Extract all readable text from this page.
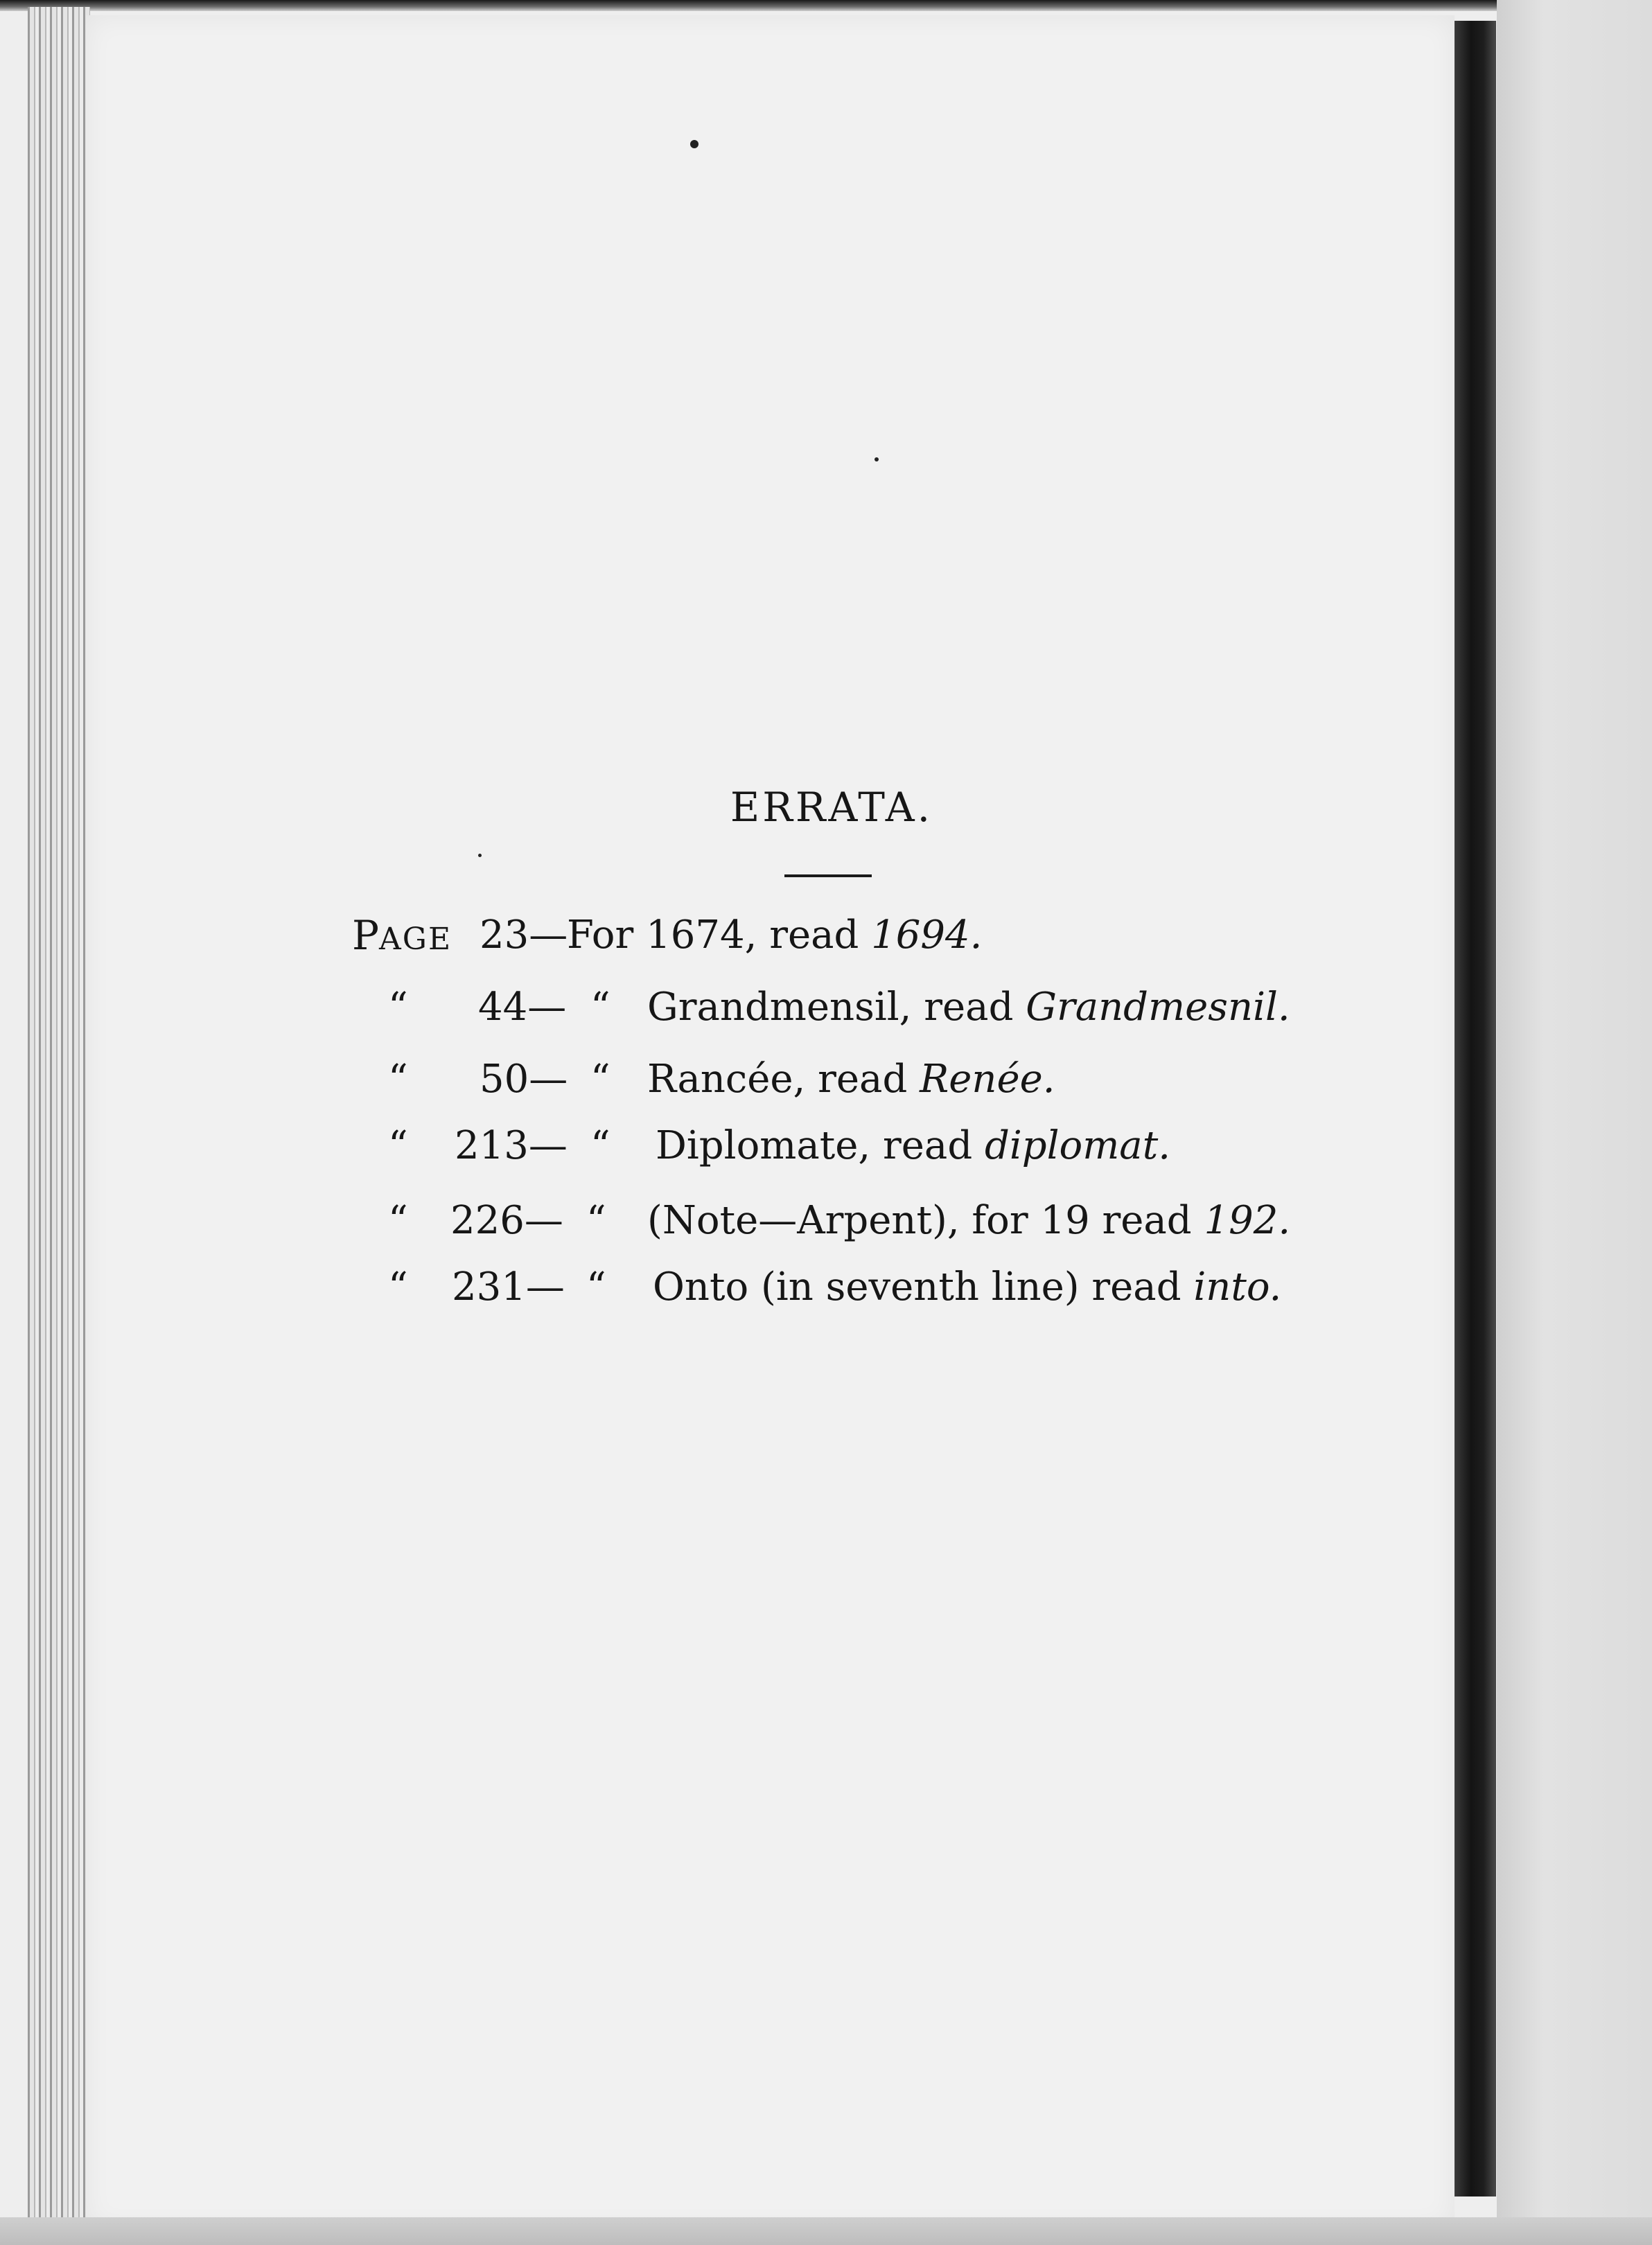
ERRATA.
PAGE 23—
For 1674, read 1694.
“ 44— “ Grandmensil, read Grandmesnil.
“ 50— “ Rancée, read Renée.
“ 213— “ Diplomate, read diplomat.
“ 226— “ (Note—Arpent), for 19 read 192.
“ 231— “ Onto (in seventh line) read into.
